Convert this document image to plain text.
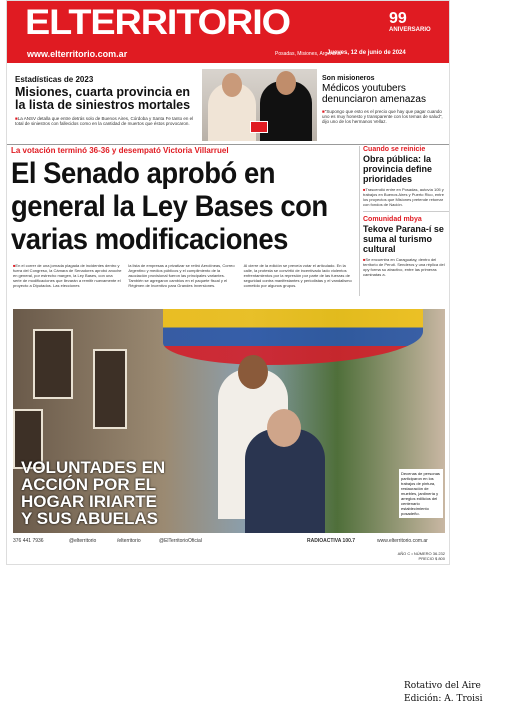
ELTERRITORIO	99
ANIVERSARIO
www.elterritorio.com.ar	Posadas, Misiones, Argentina
Jueves, 12 de junio de 2024
Estadísticas de 2023
Misiones, cuarta provincia en la lista de siniestros mortales

■ La ANSV detalla que entre detrás solo de Buenos Aires, Córdoba y Santa Fe tanto en el total de siniestros con fallecidos como en la cantidad de muertos que éstos provocaron.

Son misioneros
Médicos youtubers denunciaron amenazas

■ "Supongo que esto es el precio que hay que pagar cuando uno es muy honesto y transparente con los temas de salud", dijo uno de los hermanos Vellaz.

La votación terminó 36-36 y desempató Victoria Villarruel
El Senado aprobó en general la Ley Bases con varias modificaciones
Cuando se reinicie
Obra pública: la provincia define prioridades

■ Trascendió entre en Posadas, autovía 105 y trabajos en Buenos Aires y Puerto Rico, entre los proyectos que Misiones pretende retomar con fondos de Nación.

Comunidad mbya
Tekove Parana-í se suma al turismo cultural

■ Se encuentra en Caraguatay, dentro del territorio de Perutí. Senderos y una réplica del opy forma su atractivo, entre las primeras caminatas a.

■ En el correr de una jornada plagada de incidentes dentro y fuera del Congreso, la Cámara de Senadores aprobó anoche en general, por estrecho margen, la Ley Bases, con una serie de modificaciones que llevarán a remitir nuevamente el proyecto a Diputados. Las elecciones
la lista de empresas a privatizar se retiró Aerolíneas, Correo Argentino y medios públicos y el cumplimiento de la asociación provisional fueron las principales variantes. También se agregaron cambios en el paquete fiscal y el Régimen de Incentivo para Grandes Inversiones.
Al cierre de la edición se preveía votar el articulado. En la calle, la protesta se convirtió de incentivado lado violentos enfrentamientos por la represión por parte de las fuerzas de seguridad contra manifestantes y periodistas y el vandalismo cometido por algunos grupos.
VOLUNTADES EN
ACCIÓN POR EL
HOGAR IRIARTE
Y SUS ABUELAS
Decenas de personas participaron en los trabajos de pintura, restauración de muebles, jardinería y arreglos edilicios del centenario establecimiento posadeño.
376 441 7936	@elterritorio	/elterritorio	@ElTerritorioOficial	RADIOACTIVA 100.7	www.elterritorio.com.ar
AÑO C • NÚMERO 36.232
PRECIO $ 800
Rotativo del Aire
Edición: A. Troisi
